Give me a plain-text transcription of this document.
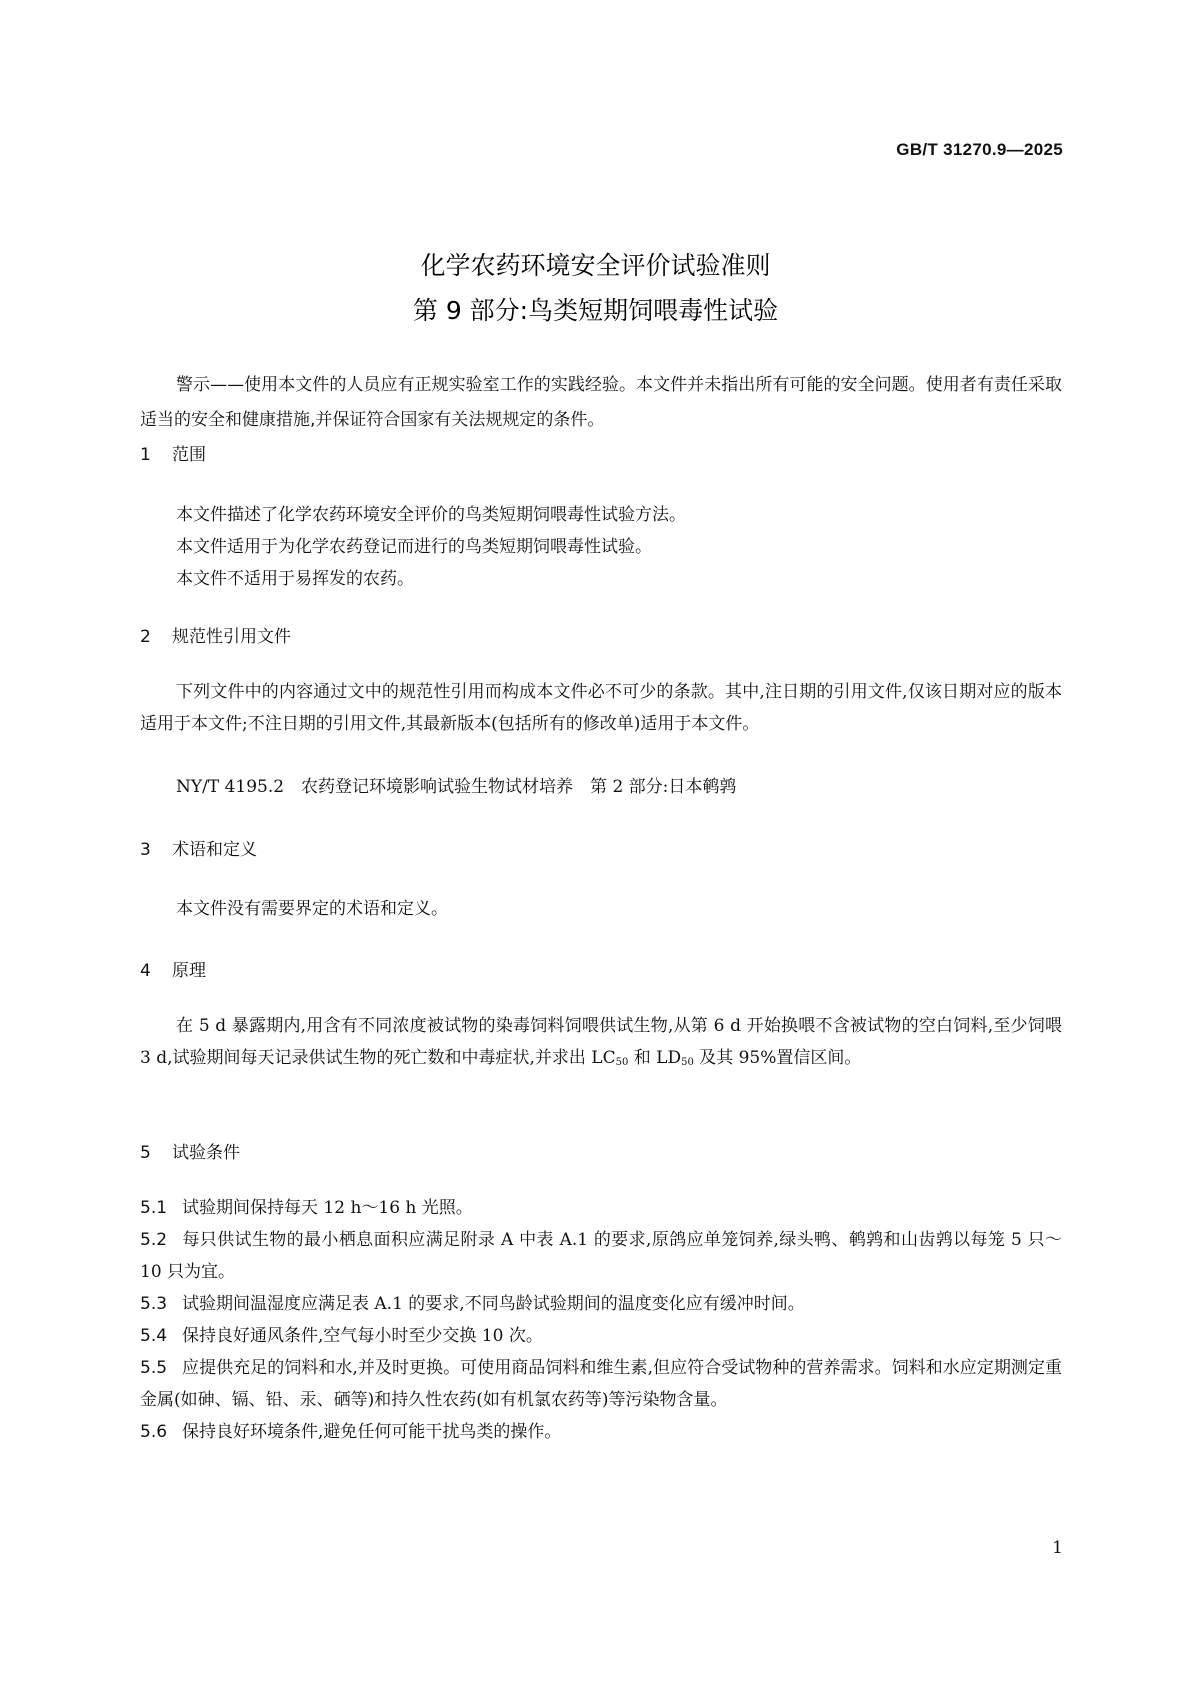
GB/T 31270.9—2025
化学农药环境安全评价试验准则
第 9 部分:鸟类短期饲喂毒性试验
警示——使用本文件的人员应有正规实验室工作的实践经验。本文件并未指出所有可能的安全问题。使用者有责任采取适当的安全和健康措施,并保证符合国家有关法规规定的条件。
1 范围
本文件描述了化学农药环境安全评价的鸟类短期饲喂毒性试验方法。
本文件适用于为化学农药登记而进行的鸟类短期饲喂毒性试验。
本文件不适用于易挥发的农药。
2 规范性引用文件
下列文件中的内容通过文中的规范性引用而构成本文件必不可少的条款。其中,注日期的引用文件,仅该日期对应的版本适用于本文件;不注日期的引用文件,其最新版本(包括所有的修改单)适用于本文件。
NY/T 4195.2　农药登记环境影响试验生物试材培养　第 2 部分:日本鹌鹑
3 术语和定义
本文件没有需要界定的术语和定义。
4 原理
在 5 d 暴露期内,用含有不同浓度被试物的染毒饲料饲喂供试生物,从第 6 d 开始换喂不含被试物的空白饲料,至少饲喂 3 d,试验期间每天记录供试生物的死亡数和中毒症状,并求出 $LC_{50}$ 和 $LD_{50}$ 及其 95%置信区间。
5 试验条件
5.1 试验期间保持每天 12 h～16 h 光照。
5.2 每只供试生物的最小栖息面积应满足附录 A 中表 A.1 的要求,原鸽应单笼饲养,绿头鸭、鹌鹑和山齿鹑以每笼 5 只～10 只为宜。
5.3 试验期间温湿度应满足表 A.1 的要求,不同鸟龄试验期间的温度变化应有缓冲时间。
5.4 保持良好通风条件,空气每小时至少交换 10 次。
5.5 应提供充足的饲料和水,并及时更换。可使用商品饲料和维生素,但应符合受试物种的营养需求。饲料和水应定期测定重金属(如砷、镉、铅、汞、硒等)和持久性农药(如有机氯农药等)等污染物含量。
5.6 保持良好环境条件,避免任何可能干扰鸟类的操作。
1
